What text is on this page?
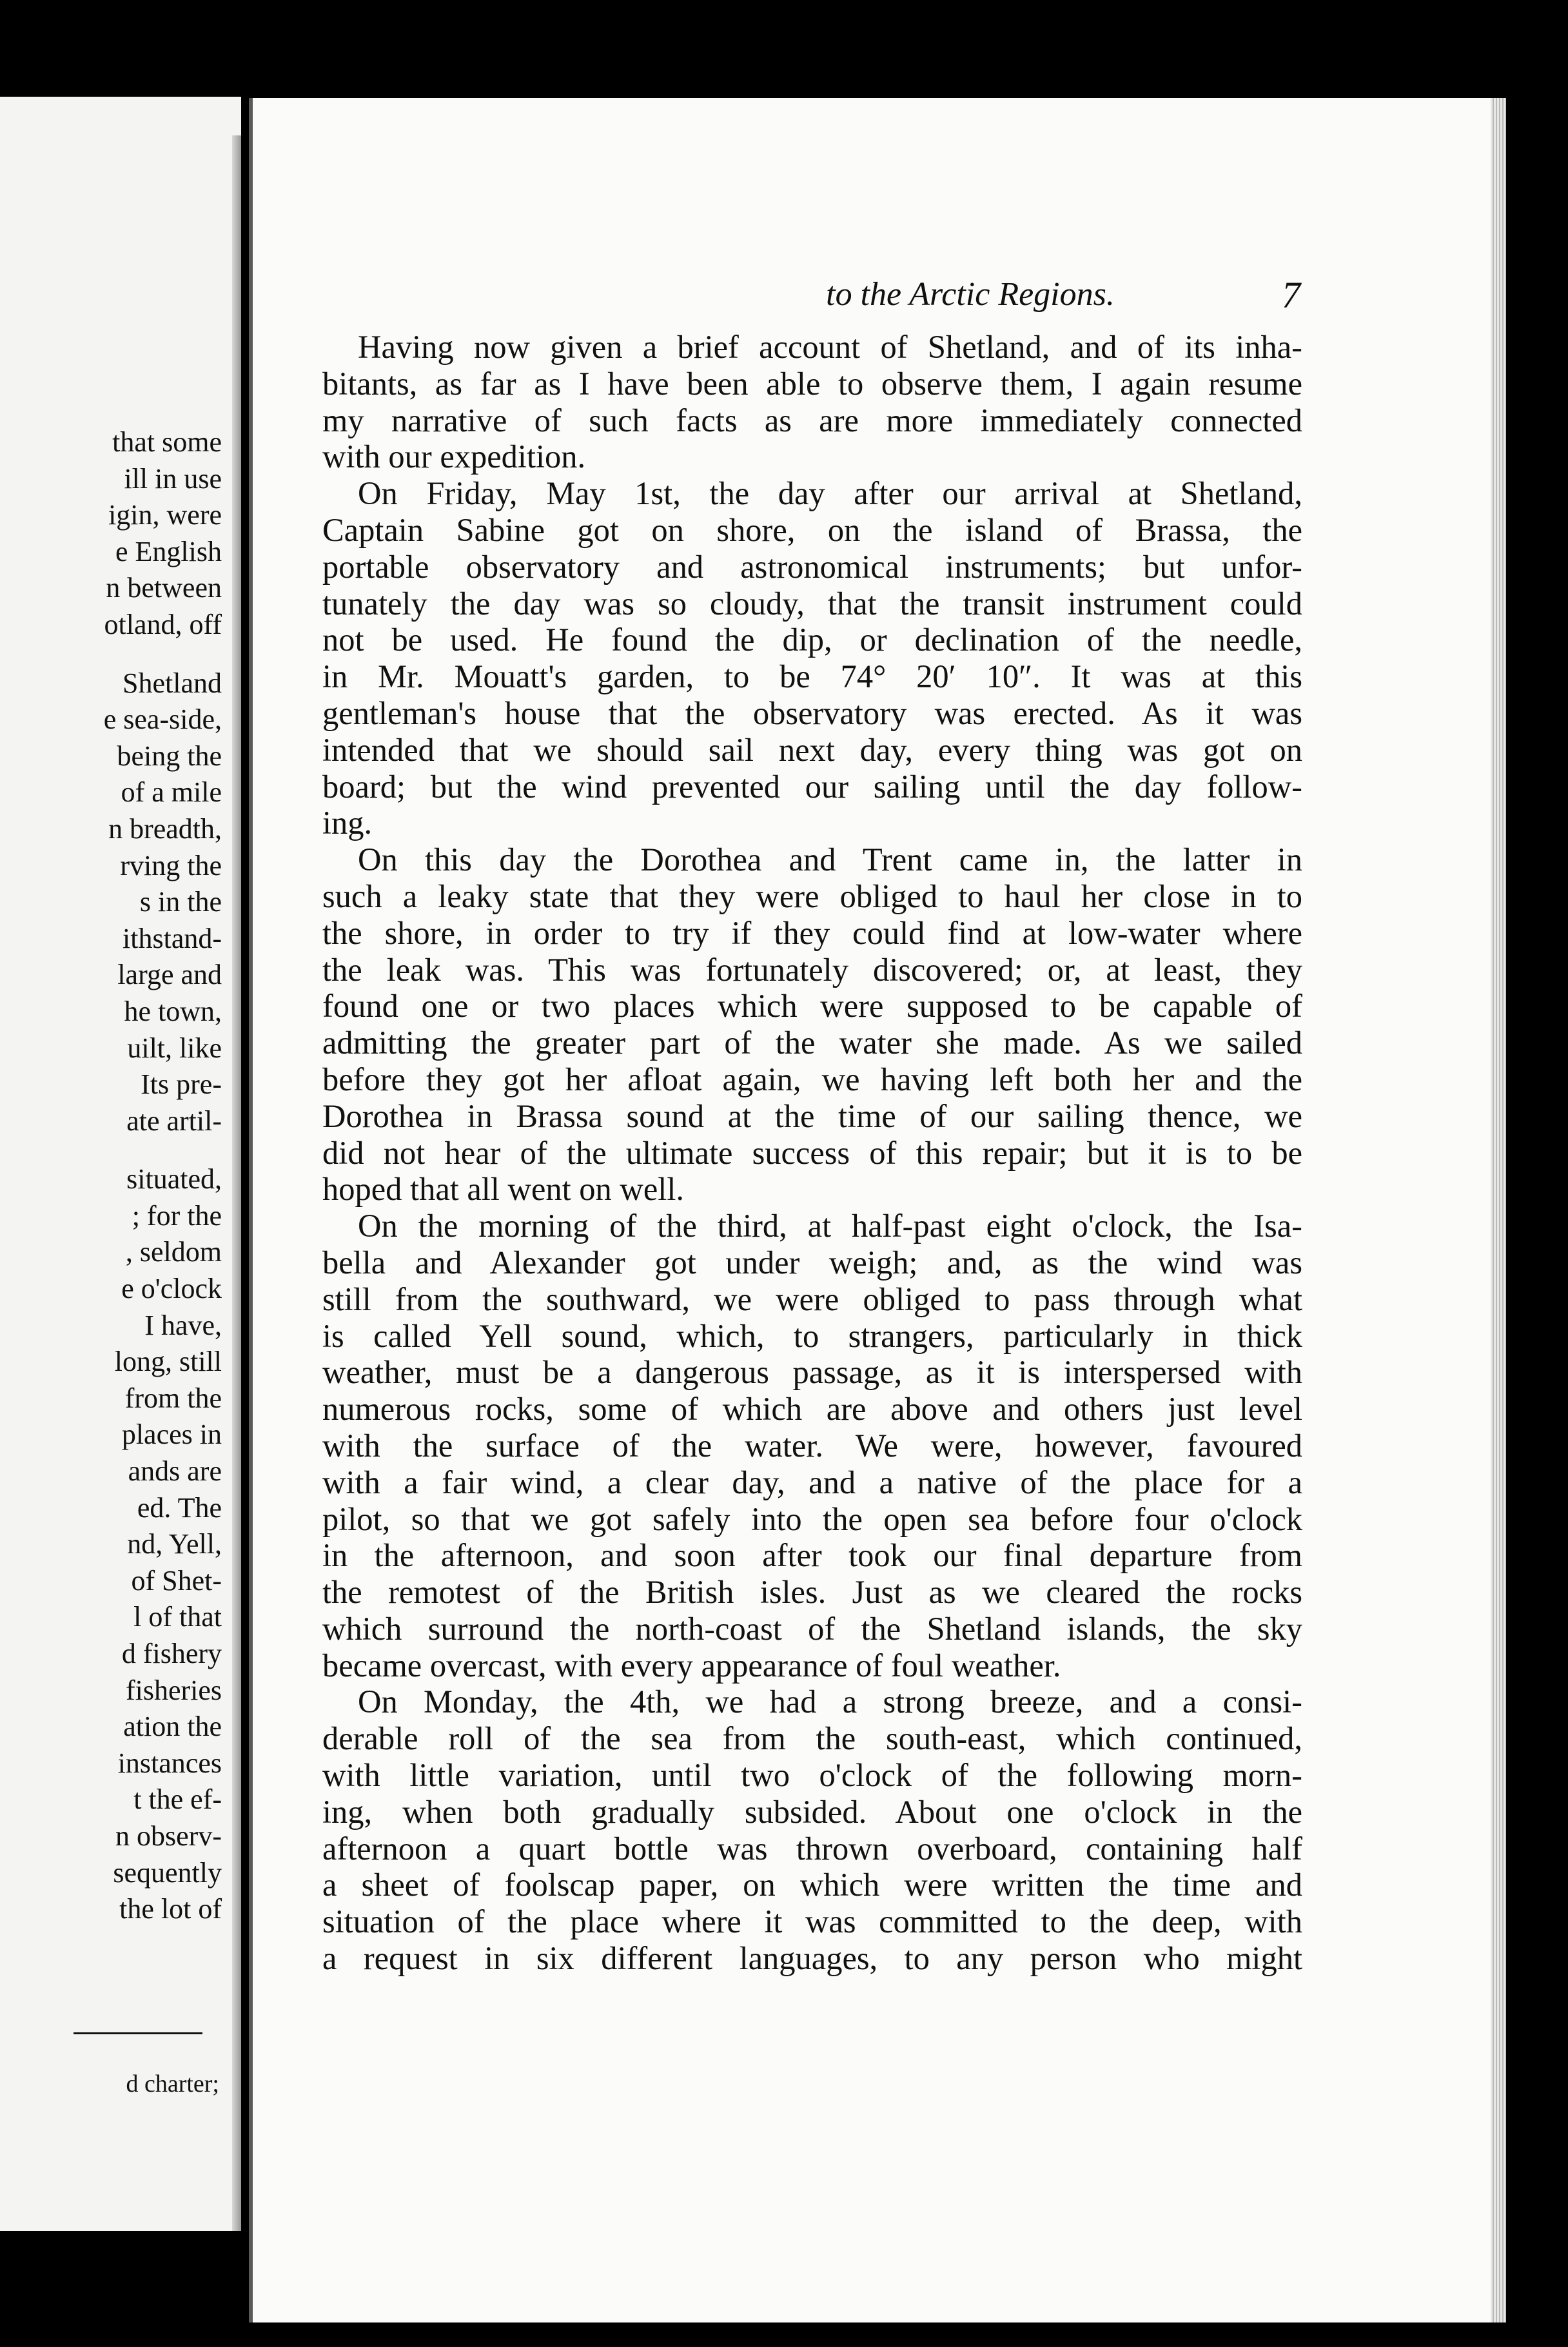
that some
ill in use
igin, were
e English
n between
otland, off
Shetland
e sea-side,
being the
of a mile
n breadth,
rving the
s in the
ithstand-
large and
he town,
uilt, like
Its pre-
ate artil-
situated,
; for the
, seldom
e o'clock
I have,
long, still
from the
places in
ands are
ed. The
nd, Yell,
of Shet-
l of that
d fishery
fisheries
ation the
instances
t the ef-
n observ-
sequently
the lot of
d charter;
to the Arctic Regions.	7
Having now given a brief account of Shetland, and of its inha-
bitants, as far as I have been able to observe them, I again resume
my narrative of such facts as are more immediately connected
with our expedition.
On Friday, May 1st, the day after our arrival at Shetland,
Captain Sabine got on shore, on the island of Brassa, the
portable observatory and astronomical instruments; but unfor-
tunately the day was so cloudy, that the transit instrument could
not be used. He found the dip, or declination of the needle,
in Mr. Mouatt's garden, to be 74° 20′ 10″. It was at this
gentleman's house that the observatory was erected. As it was
intended that we should sail next day, every thing was got on
board; but the wind prevented our sailing until the day follow-
ing.
On this day the Dorothea and Trent came in, the latter in
such a leaky state that they were obliged to haul her close in to
the shore, in order to try if they could find at low-water where
the leak was. This was fortunately discovered; or, at least, they
found one or two places which were supposed to be capable of
admitting the greater part of the water she made. As we sailed
before they got her afloat again, we having left both her and the
Dorothea in Brassa sound at the time of our sailing thence, we
did not hear of the ultimate success of this repair; but it is to be
hoped that all went on well.
On the morning of the third, at half-past eight o'clock, the Isa-
bella and Alexander got under weigh; and, as the wind was
still from the southward, we were obliged to pass through what
is called Yell sound, which, to strangers, particularly in thick
weather, must be a dangerous passage, as it is interspersed with
numerous rocks, some of which are above and others just level
with the surface of the water. We were, however, favoured
with a fair wind, a clear day, and a native of the place for a
pilot, so that we got safely into the open sea before four o'clock
in the afternoon, and soon after took our final departure from
the remotest of the British isles. Just as we cleared the rocks
which surround the north-coast of the Shetland islands, the sky
became overcast, with every appearance of foul weather.
On Monday, the 4th, we had a strong breeze, and a consi-
derable roll of the sea from the south-east, which continued,
with little variation, until two o'clock of the following morn-
ing, when both gradually subsided. About one o'clock in the
afternoon a quart bottle was thrown overboard, containing half
a sheet of foolscap paper, on which were written the time and
situation of the place where it was committed to the deep, with
a request in six different languages, to any person who might
